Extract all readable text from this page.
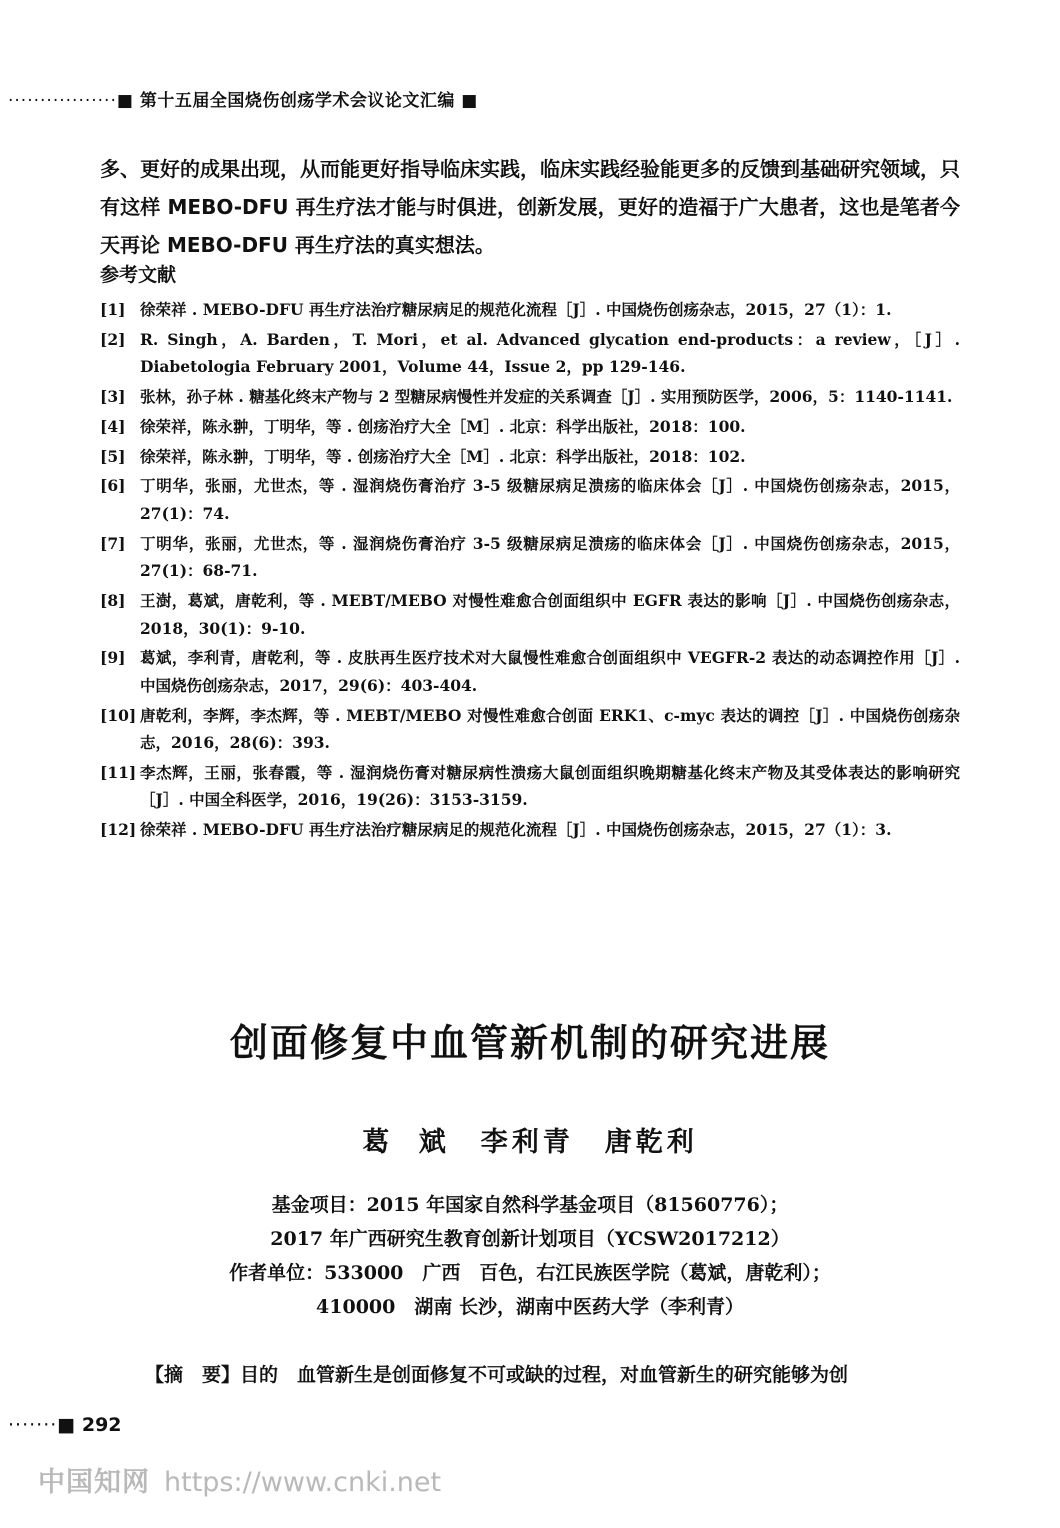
·················■ 第十五届全国烧伤创疡学术会议论文汇编 ■
多、更好的成果出现，从而能更好指导临床实践，临床实践经验能更多的反馈到基础研究领域，只有这样 MEBO-DFU 再生疗法才能与时俱进，创新发展，更好的造福于广大患者，这也是笔者今天再论 MEBO-DFU 再生疗法的真实想法。
参考文献
[1] 徐荣祥 . MEBO-DFU 再生疗法治疗糖尿病足的规范化流程［J］. 中国烧伤创疡杂志，2015，27（1）：1.
[2] R. Singh，A. Barden，T. Mori，et al. Advanced glycation end-products：a review，［J］. Diabetologia February 2001，Volume 44，Issue 2，pp 129-146.
[3] 张林，孙子林 . 糖基化终末产物与 2 型糖尿病慢性并发症的关系调查［J］. 实用预防医学，2006，5：1140-1141.
[4] 徐荣祥，陈永翀，丁明华，等 . 创疡治疗大全［M］. 北京：科学出版社，2018：100.
[5] 徐荣祥，陈永翀，丁明华，等 . 创疡治疗大全［M］. 北京：科学出版社，2018：102.
[6] 丁明华，张丽，尤世杰，等 . 湿润烧伤膏治疗 3-5 级糖尿病足溃疡的临床体会［J］. 中国烧伤创疡杂志，2015，27(1)：74.
[7] 丁明华，张丽，尤世杰，等 . 湿润烧伤膏治疗 3-5 级糖尿病足溃疡的临床体会［J］. 中国烧伤创疡杂志，2015，27(1)：68-71.
[8] 王澍，葛斌，唐乾利，等 . MEBT/MEBO 对慢性难愈合创面组织中 EGFR 表达的影响［J］. 中国烧伤创疡杂志，2018，30(1)：9-10.
[9] 葛斌，李利青，唐乾利，等 . 皮肤再生医疗技术对大鼠慢性难愈合创面组织中 VEGFR-2 表达的动态调控作用［J］. 中国烧伤创疡杂志，2017，29(6)：403-404.
[10] 唐乾利，李辉，李杰辉，等 . MEBT/MEBO 对慢性难愈合创面 ERK1、c-myc 表达的调控［J］. 中国烧伤创疡杂志，2016，28(6)：393.
[11] 李杰辉，王丽，张春霞，等 . 湿润烧伤膏对糖尿病性溃疡大鼠创面组织晚期糖基化终末产物及其受体表达的影响研究［J］. 中国全科医学，2016，19(26)：3153-3159.
[12] 徐荣祥 . MEBO-DFU 再生疗法治疗糖尿病足的规范化流程［J］. 中国烧伤创疡杂志，2015，27（1）：3.
创面修复中血管新机制的研究进展
葛 斌　李利青　唐乾利
基金项目：2015 年国家自然科学基金项目（81560776）；
2017 年广西研究生教育创新计划项目（YCSW2017212）
作者单位：533000　广西　百色，右江民族医学院（葛斌，唐乾利）；
410000　湖南 长沙，湖南中医药大学（李利青）
【摘　要】目的　血管新生是创面修复不可或缺的过程，对血管新生的研究能够为创
·······■ 292
中国知网 https://www.cnki.net
